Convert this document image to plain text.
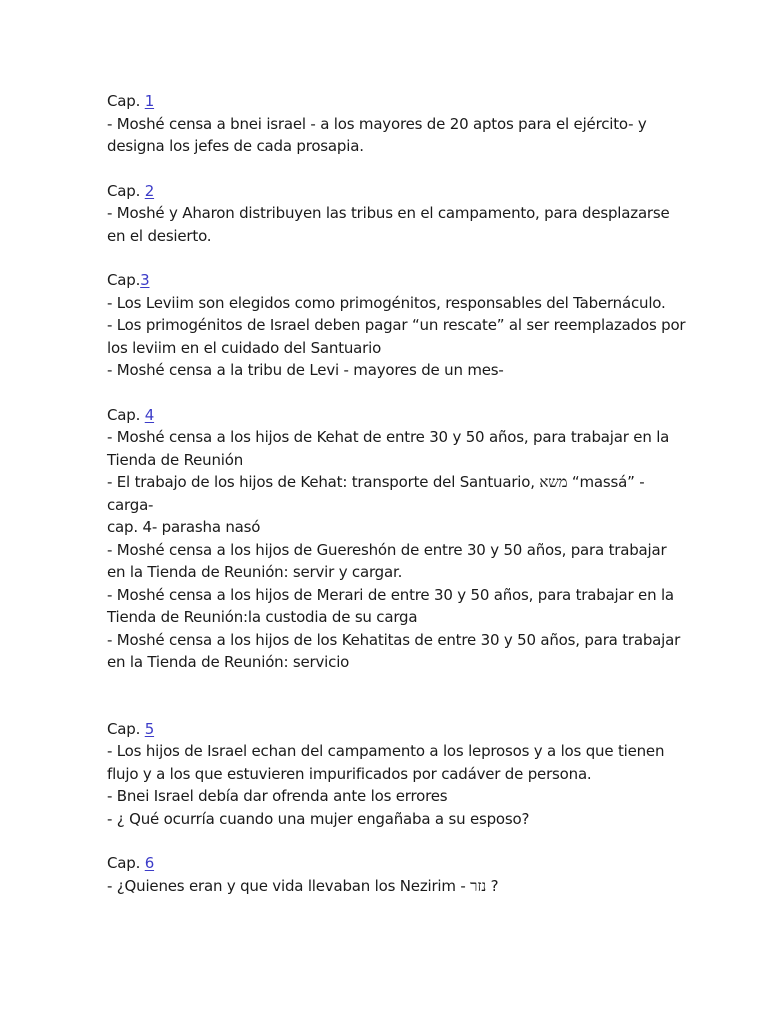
Cap. 1
- Moshé censa a bnei israel - a los mayores de 20 aptos para el ejército- y
designa los jefes de cada prosapia.
Cap. 2
- Moshé y Aharon distribuyen las tribus en el campamento, para desplazarse
en el desierto.
Cap.3
- Los Leviim son elegidos como primogénitos, responsables del Tabernáculo.
- Los primogénitos de Israel deben pagar “un rescate” al ser reemplazados por
los leviim en el cuidado del Santuario
- Moshé censa a la tribu de Levi - mayores de un mes-
Cap. 4
- Moshé censa a los hijos de Kehat de entre 30 y 50 años, para trabajar en la
Tienda de Reunión
- El trabajo de los hijos de Kehat: transporte del Santuario, משא “massá” -
carga-
cap. 4- parasha nasó
- Moshé censa a los hijos de Guereshón de entre 30 y 50 años, para trabajar
en la Tienda de Reunión: servir y cargar.
- Moshé censa a los hijos de Merari de entre 30 y 50 años, para trabajar en la
Tienda de Reunión:la custodia de su carga
- Moshé censa a los hijos de los Kehatitas de entre 30 y 50 años, para trabajar
en la Tienda de Reunión: servicio
Cap. 5
- Los hijos de Israel echan del campamento a los leprosos y a los que tienen
flujo y a los que estuvieren impurificados por cadáver de persona.
- Bnei Israel debía dar ofrenda ante los errores
- ¿ Qué ocurría cuando una mujer engañaba a su esposo?
Cap. 6
- ¿Quienes eran y que vida llevaban los Nezirim - נזר ?
